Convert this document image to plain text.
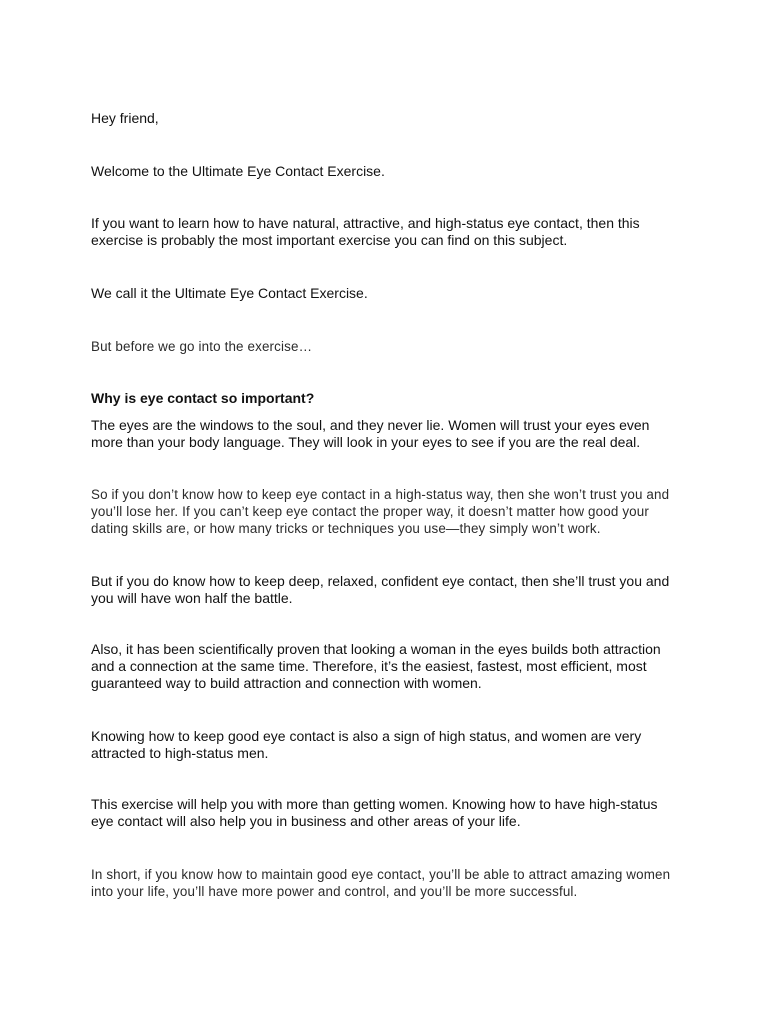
Hey friend,

Welcome to the Ultimate Eye Contact Exercise.

If you want to learn how to have natural, attractive, and high-status eye contact, then this exercise is probably the most important exercise you can find on this subject.

We call it the Ultimate Eye Contact Exercise.

But before we go into the exercise…

Why is eye contact so important?

The eyes are the windows to the soul, and they never lie. Women will trust your eyes even more than your body language. They will look in your eyes to see if you are the real deal.

So if you don’t know how to keep eye contact in a high-status way, then she won’t trust you and you’ll lose her. If you can’t keep eye contact the proper way, it doesn’t matter how good your dating skills are, or how many tricks or techniques you use—they simply won’t work.

But if you do know how to keep deep, relaxed, confident eye contact, then she’ll trust you and you will have won half the battle.

Also, it has been scientifically proven that looking a woman in the eyes builds both attraction and a connection at the same time. Therefore, it’s the easiest, fastest, most efficient, most guaranteed way to build attraction and connection with women.

Knowing how to keep good eye contact is also a sign of high status, and women are very attracted to high-status men.

This exercise will help you with more than getting women. Knowing how to have high-status eye contact will also help you in business and other areas of your life.

In short, if you know how to maintain good eye contact, you’ll be able to attract amazing women into your life, you’ll have more power and control, and you’ll be more successful.
